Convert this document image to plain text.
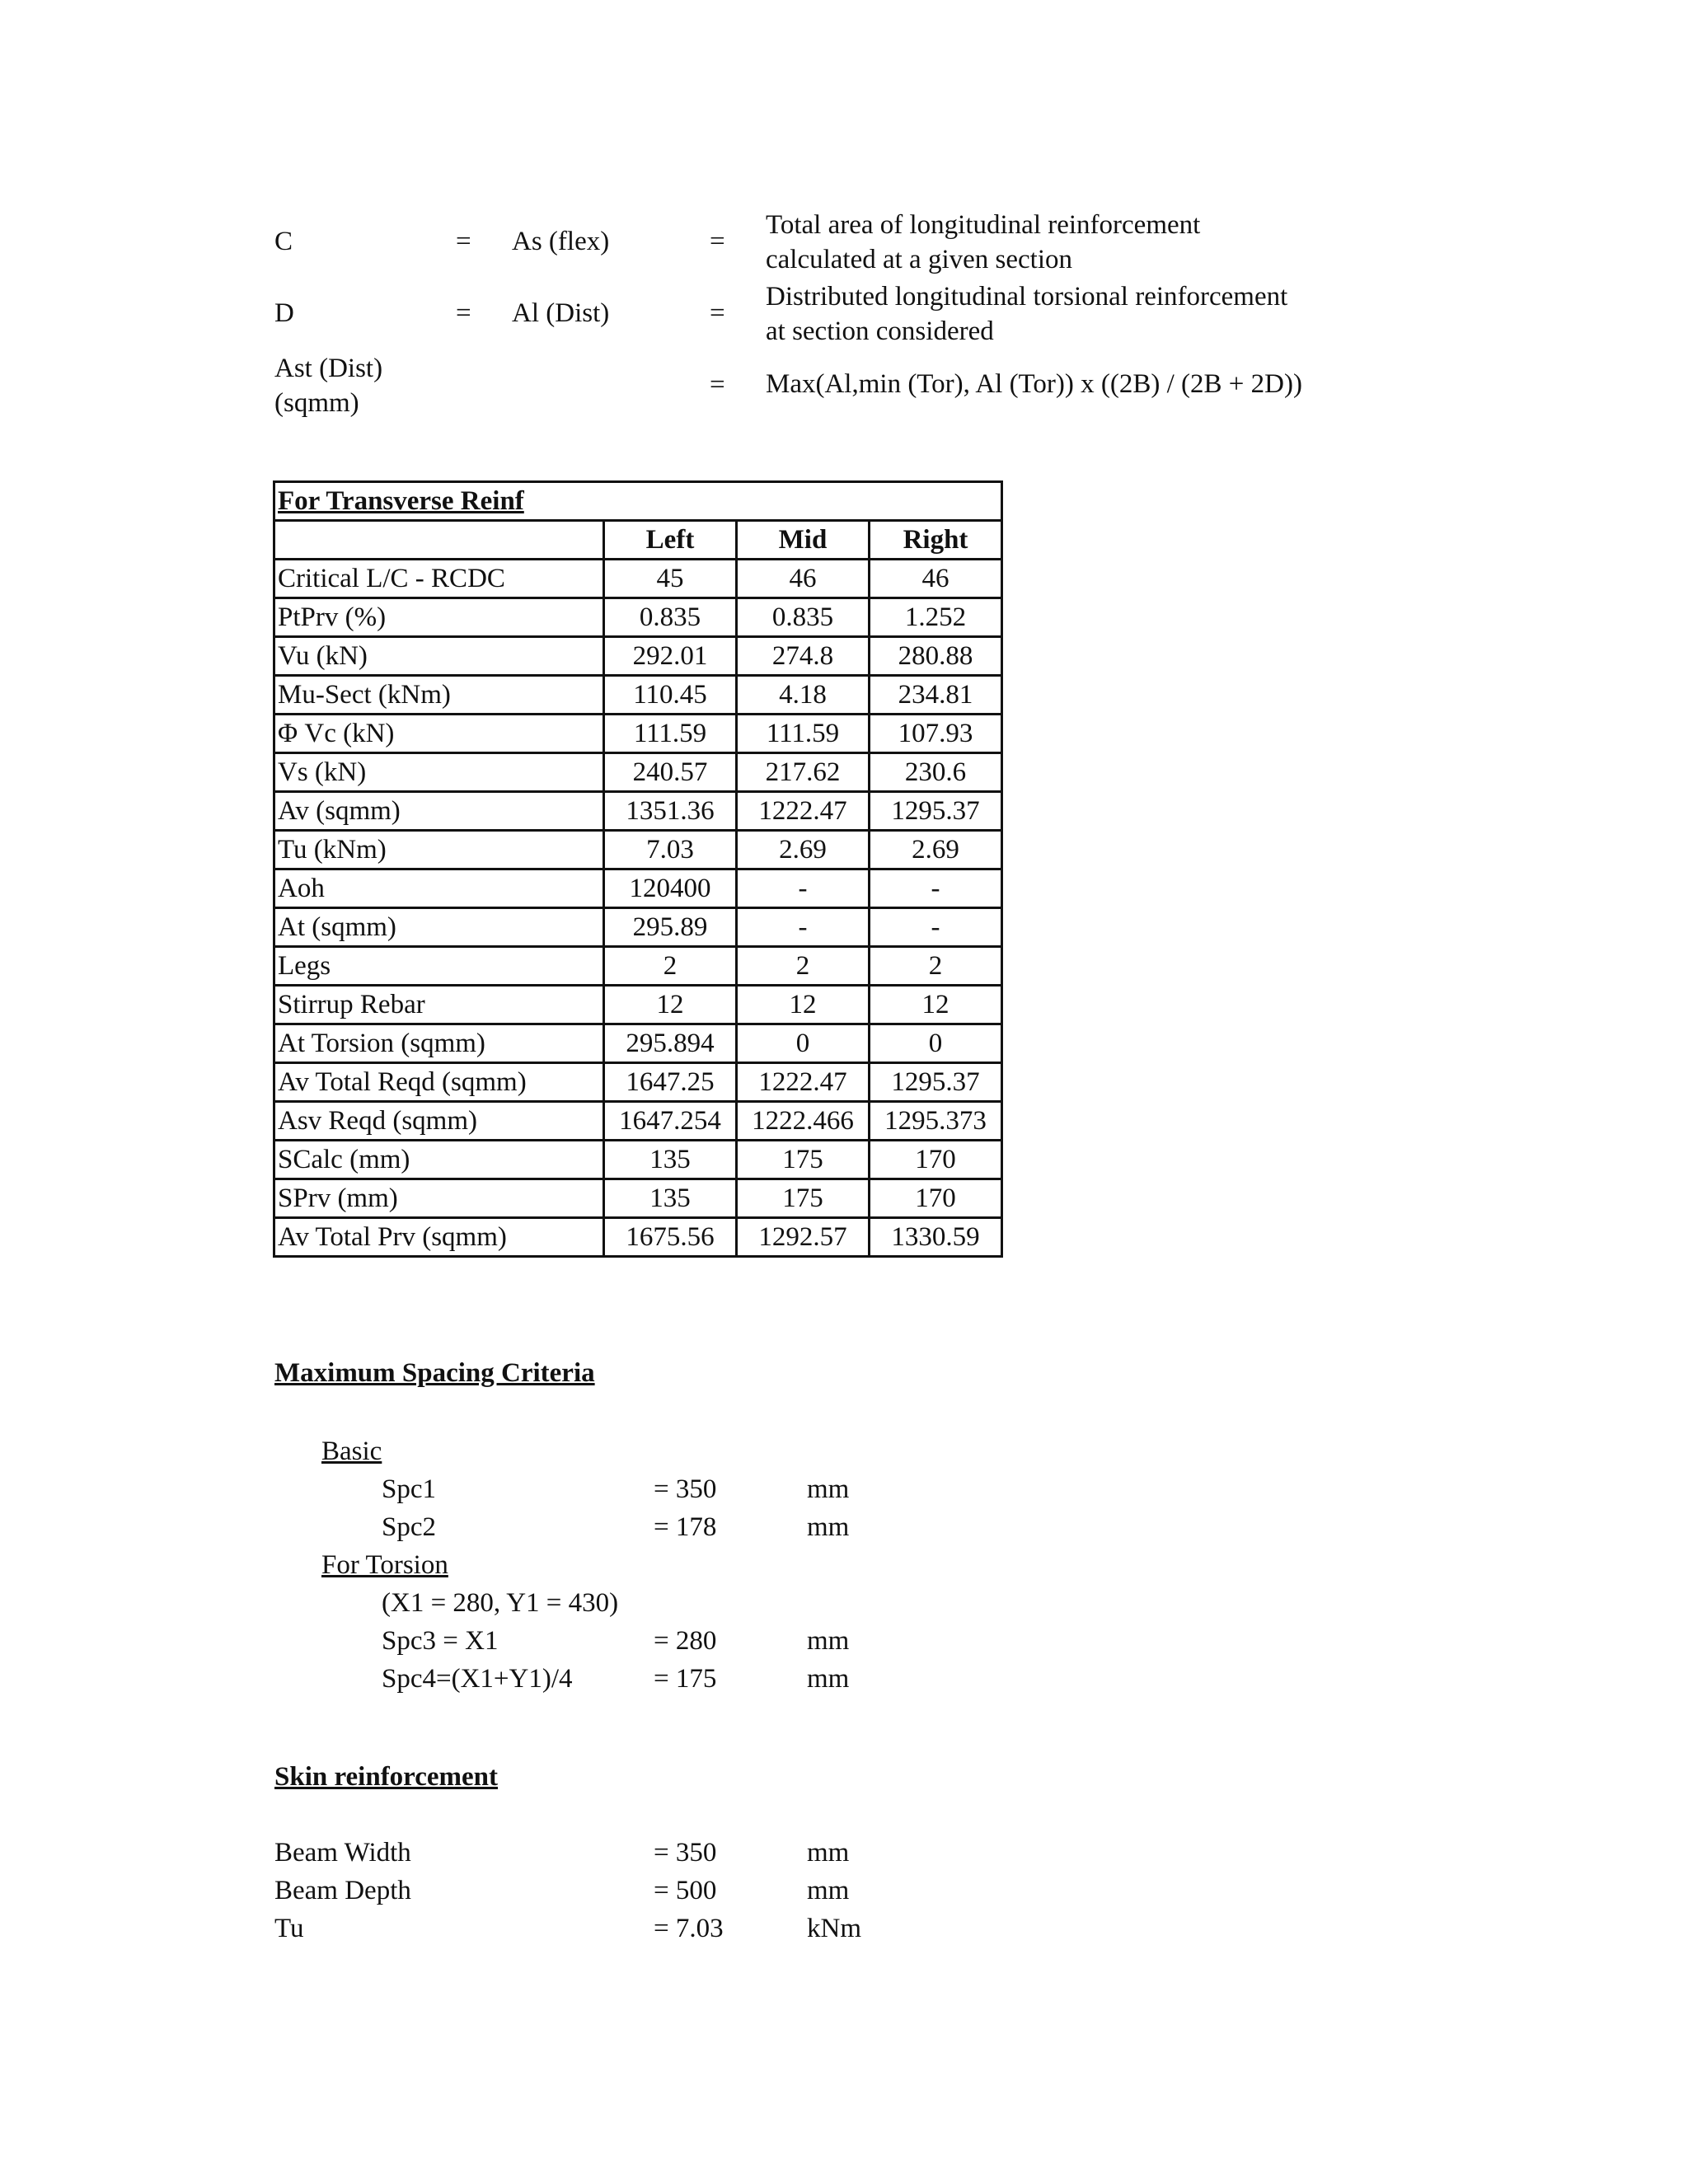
C	= As (flex)	=
Total area of longitudinal reinforcement
calculated at a given section
D	= Al (Dist)	=
Distributed longitudinal torsional reinforcement
at section considered
Ast (Dist)
(sqmm)
= Max(Al,min (Tor), Al (Tor)) x ((2B) / (2B + 2D))
For Transverse Reinf			
	Left	Mid	Right
Critical L/C - RCDC	45	46	46
PtPrv (%)	0.835	0.835	1.252
Vu (kN)	292.01	274.8	280.88
Mu-Sect (kNm)	110.45	4.18	234.81
Φ Vc (kN)	111.59	111.59	107.93
Vs (kN)	240.57	217.62	230.6
Av (sqmm)	1351.36	1222.47	1295.37
Tu (kNm)	7.03	2.69	2.69
Aoh	120400	-	-
At (sqmm)	295.89	-	-
Legs	2	2	2
Stirrup Rebar	12	12	12
At Torsion (sqmm)	295.894	0	0
Av Total Reqd (sqmm)	1647.25	1222.47	1295.37
Asv Reqd (sqmm)	1647.254	1222.466	1295.373
SCalc (mm)	135	175	170
SPrv (mm)	135	175	170
Av Total Prv (sqmm)	1675.56	1292.57	1330.59
Maximum Spacing Criteria
Basic
Spc1	= 350	mm
Spc2	= 178	mm
For Torsion
(X1 = 280, Y1 = 430)
Spc3 = X1	= 280	mm
Spc4=(X1+Y1)/4	= 175	mm
Skin reinforcement
Beam Width	= 350	mm
Beam Depth	= 500	mm
Tu	= 7.03	kNm
